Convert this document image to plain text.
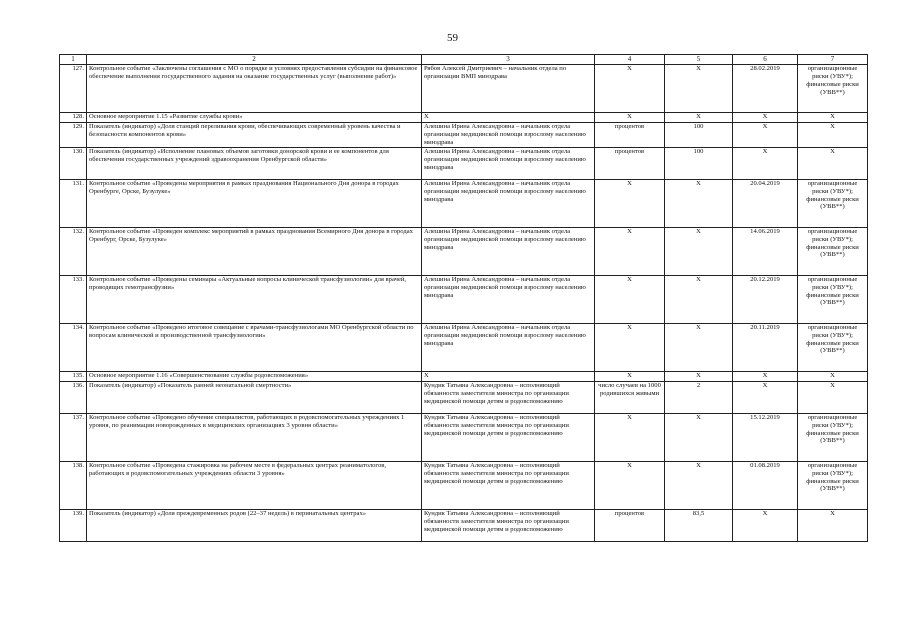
59
1	2	3	4	5	6	7
127.	Контрольное событие «Заключены соглашения с МО о порядке и условиях предоставления субсидии на финансовое обеспечение выполнения государственного задания на оказание государственных услуг (выполнение работ)»	Рябов Алексей Дмитриевич – начальник отдела по организации ВМП минздрава	Х	Х	28.02.2019	организационные риски (УВУ*); финансовые риски (УВВ**)
128.	Основное мероприятие 1.15 «Развитие службы крови»	Х	Х	Х	Х	Х
129.	Показатель (индикатор) «Доля станций переливания крови, обеспечивающих современный уровень качества и безопасности компонентов крови»	Алешина Ирина Александровна – начальник отдела организации медицинской помощи взрослому населению минздрава	процентов	100	Х	Х
130.	Показатель (индикатор) «Исполнение плановых объемов заготовки донорской крови и ее компонентов для обеспечения государственных учреждений здравоохранения Оренбургской области»	Алешина Ирина Александровна – начальник отдела организации медицинской помощи взрослому населению минздрава	процентов	100	Х	Х
131.	Контрольное событие «Проведены мероприятия в рамках празднования Национального Дня донора в городах Оренбурге, Орске, Бузулуке»	Алешина Ирина Александровна – начальник отдела организации медицинской помощи взрослому населению минздрава	Х	Х	20.04.2019	организационные риски (УВУ*); финансовые риски (УВВ**)
132.	Контрольное событие «Проведен комплекс мероприятий в рамках празднования Всемирного Дня донора в городах Оренбург, Орске, Бузулуке»	Алешина Ирина Александровна – начальник отдела организации медицинской помощи взрослому населению минздрава	Х	Х	14.06.2019	организационные риски (УВУ*); финансовые риски (УВВ**)
133.	Контрольное событие «Проведены семинары «Актуальные вопросы клинической трансфузиологии» для врачей, проводящих гемотрансфузии»	Алешина Ирина Александровна – начальник отдела организации медицинской помощи взрослому населению минздрава	Х	Х	20.12.2019	организационные риски (УВУ*); финансовые риски (УВВ**)
134.	Контрольное событие «Проведено итоговое совещание с врачами-трансфузиологами МО Оренбургской области по вопросам клинической и производственной трансфузиологии»	Алешина Ирина Александровна – начальник отдела организации медицинской помощи взрослому населению минздрава	Х	Х	20.11.2019	организационные риски (УВУ*); финансовые риски (УВВ**)
135.	Основное мероприятие 1.16 «Совершенствование службы родовспоможения»	Х	Х	Х	Х	Х
136.	Показатель (индикатор) «Показатель ранней неонатальной смертности»	Кундик Татьяна Александровна – исполняющий обязанности заместителя министра по организации медицинской помощи детям и родовспоможению	число случаев на 1000 родившихся живыми	2	Х	Х
137.	Контрольное событие «Проведено обучение специалистов, работающих в родовспомогательных учреждениях 1 уровня, по реанимации новорожденных в медицинских организациях 3 уровня области»	Кундик Татьяна Александровна – исполняющий обязанности заместителя министра по организации медицинской помощи детям и родовспоможению	Х	Х	15.12.2019	организационные риски (УВУ*); финансовые риски (УВВ**)
138.	Контрольное событие «Проведена стажировка на рабочем месте в федеральных центрах реаниматологов, работающих в родовспомогательных учреждениях области 3 уровня»	Кундик Татьяна Александровна – исполняющий обязанности заместителя министра по организации медицинской помощи детям и родовспоможению	Х	Х	01.08.2019	организационные риски (УВУ*); финансовые риски (УВВ**)
139.	Показатель (индикатор) «Доля преждевременных родов (22–37 недель) в перинатальных центрах»	Кундик Татьяна Александровна – исполняющий обязанности заместителя министра по организации медицинской помощи детям и родовспоможению	процентов	83,5	Х	Х
